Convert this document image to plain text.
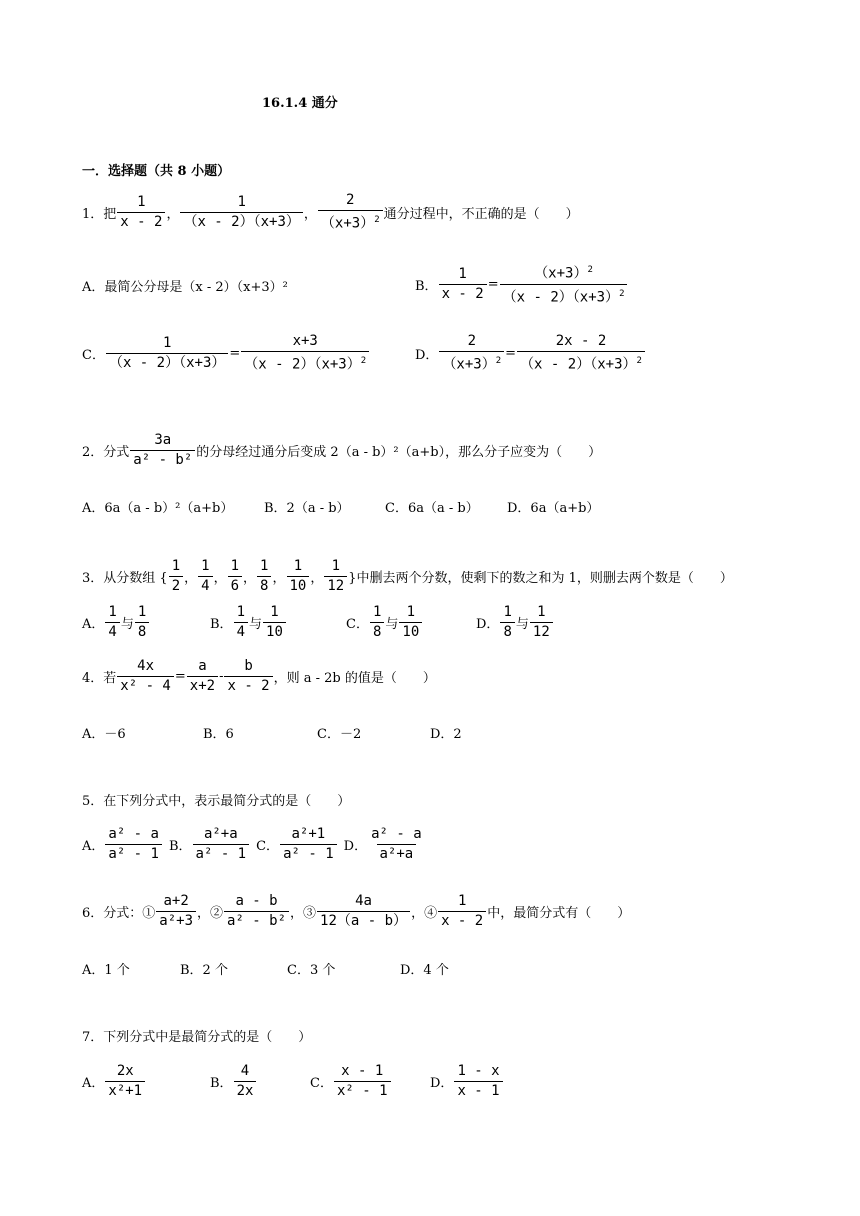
16.1.4 通分
一．选择题（共 8 小题）
1．把 $\frac{1}{x - 2}$ ， $\frac{1}{(x - 2)(x+3)}$ ， $\frac{2}{(x+3)^2}$ 通分过程中，不正确的是（　　）
A．最简公分母是（x - 2）（x+3）²	B． $\frac{1}{x - 2} = \frac{(x+3)^2}{(x - 2)(x+3)^2}$
C． $\frac{1}{(x - 2)(x+3)} = \frac{x+3}{(x - 2)(x+3)^2}$	D． $\frac{2}{(x+3)^2} = \frac{2x - 2}{(x - 2)(x+3)^2}$
2．分式 $\frac{3a}{\text{a² - b²}}$ 的分母经过通分后变成 2（a - b）²（a+b），那么分子应变为（　　）
A．6a（a - b）²（a+b） B．2（a - b）	C．6a（a - b） D．6a（a+b）
3．从分数组 { $\frac{1}{2}$ ， $\frac{1}{4}$ ， $\frac{1}{6}$ ， $\frac{1}{8}$ ， $\frac{1}{10}$ ， $\frac{1}{12}$ }中删去两个分数，使剩下的数之和为 1，则删去两个数是（　　）
A． $\frac{1}{4}$ 与 $\frac{1}{8}$	B． $\frac{1}{4}$ 与 $\frac{1}{10}$	C． $\frac{1}{8}$ 与 $\frac{1}{10}$	D． $\frac{1}{8}$ 与 $\frac{1}{12}$
4．若 $\frac{4x}{\text{x² - 4}} = \frac{a}{x+2} - \frac{b}{x - 2}$ ，则 a - 2b 的值是（　　）
A．－6	B．6	C．－2	D．2
5．在下列分式中，表示最简分式的是（　　）
A． $\frac{\text{a² - a}}{\text{a² - 1}}$ B． $\frac{\text{a²+a}}{\text{a² - 1}}$ C． $\frac{\text{a²+1}}{\text{a² - 1}}$ D． $\frac{\text{a² - a}}{\text{a²+a}}$
6．分式：① $\frac{a+2}{\text{a²+3}}$ ，② $\frac{a - b}{\text{a² - b²}}$ ，③ $\frac{4a}{12(a - b)}$ ，④ $\frac{1}{x - 2}$ 中，最简分式有（　　）
A．1 个	B．2 个	C．3 个	D．4 个
7．下列分式中是最简分式的是（　　）
A． $\frac{2x}{\text{x²+1}}$	B． $\frac{4}{2x}$	C． $\frac{x - 1}{\text{x² - 1}}$	D． $\frac{1 - x}{x - 1}$
